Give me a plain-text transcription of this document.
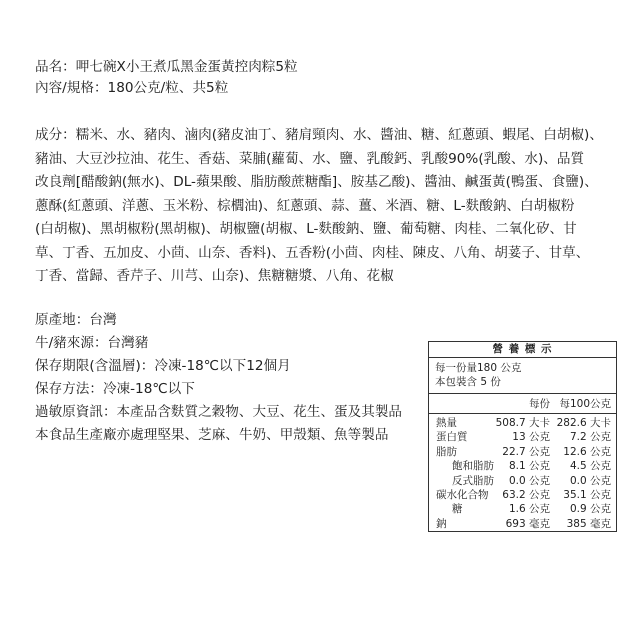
品名：呷七碗X小王煮瓜黑金蛋黃控肉粽5粒
內容/規格：180公克/粒、共5粒
成分：糯米、水、豬肉、滷肉(豬皮油丁、豬肩頸肉、水、醬油、糖、紅蔥頭、蝦尾、白胡椒)、
豬油、大豆沙拉油、花生、香菇、菜脯(蘿蔔、水、鹽、乳酸鈣、乳酸90%(乳酸、水)、品質
改良劑[醋酸鈉(無水)、DL-蘋果酸、脂肪酸蔗糖酯]、胺基乙酸)、醬油、鹹蛋黃(鴨蛋、食鹽)、
蔥酥(紅蔥頭、洋蔥、玉米粉、棕櫚油)、紅蔥頭、蒜、薑、米酒、糖、L-麩酸鈉、白胡椒粉
(白胡椒)、黑胡椒粉(黑胡椒)、胡椒鹽(胡椒、L-麩酸鈉、鹽、葡萄糖、肉桂、二氧化矽、甘
草、丁香、五加皮、小茴、山奈、香料)、五香粉(小茴、肉桂、陳皮、八角、胡荽子、甘草、
丁香、當歸、香芹子、川芎、山奈)、焦糖糖漿、八角、花椒
原產地：台灣
牛/豬來源：台灣豬
保存期限(含溫層)：冷凍-18℃以下12個月
保存方法：冷凍-18℃以下
過敏原資訊：本產品含麩質之穀物、大豆、花生、蛋及其製品
本食品生產廠亦處理堅果、芝麻、牛奶、甲殼類、魚等製品
營 養 標 示
每一份量180 公克
本包裝含 5 份
每份 每100公克
熱量	508.7 大卡 282.6 大卡
蛋白質	13 公克 7.2 公克
脂肪	22.7 公克 12.6 公克
飽和脂肪 8.1 公克 4.5 公克
反式脂肪 0.0 公克 0.0 公克
碳水化合物 63.2 公克 35.1 公克
糖	1.6 公克 0.9 公克
鈉	693 毫克 385 毫克
